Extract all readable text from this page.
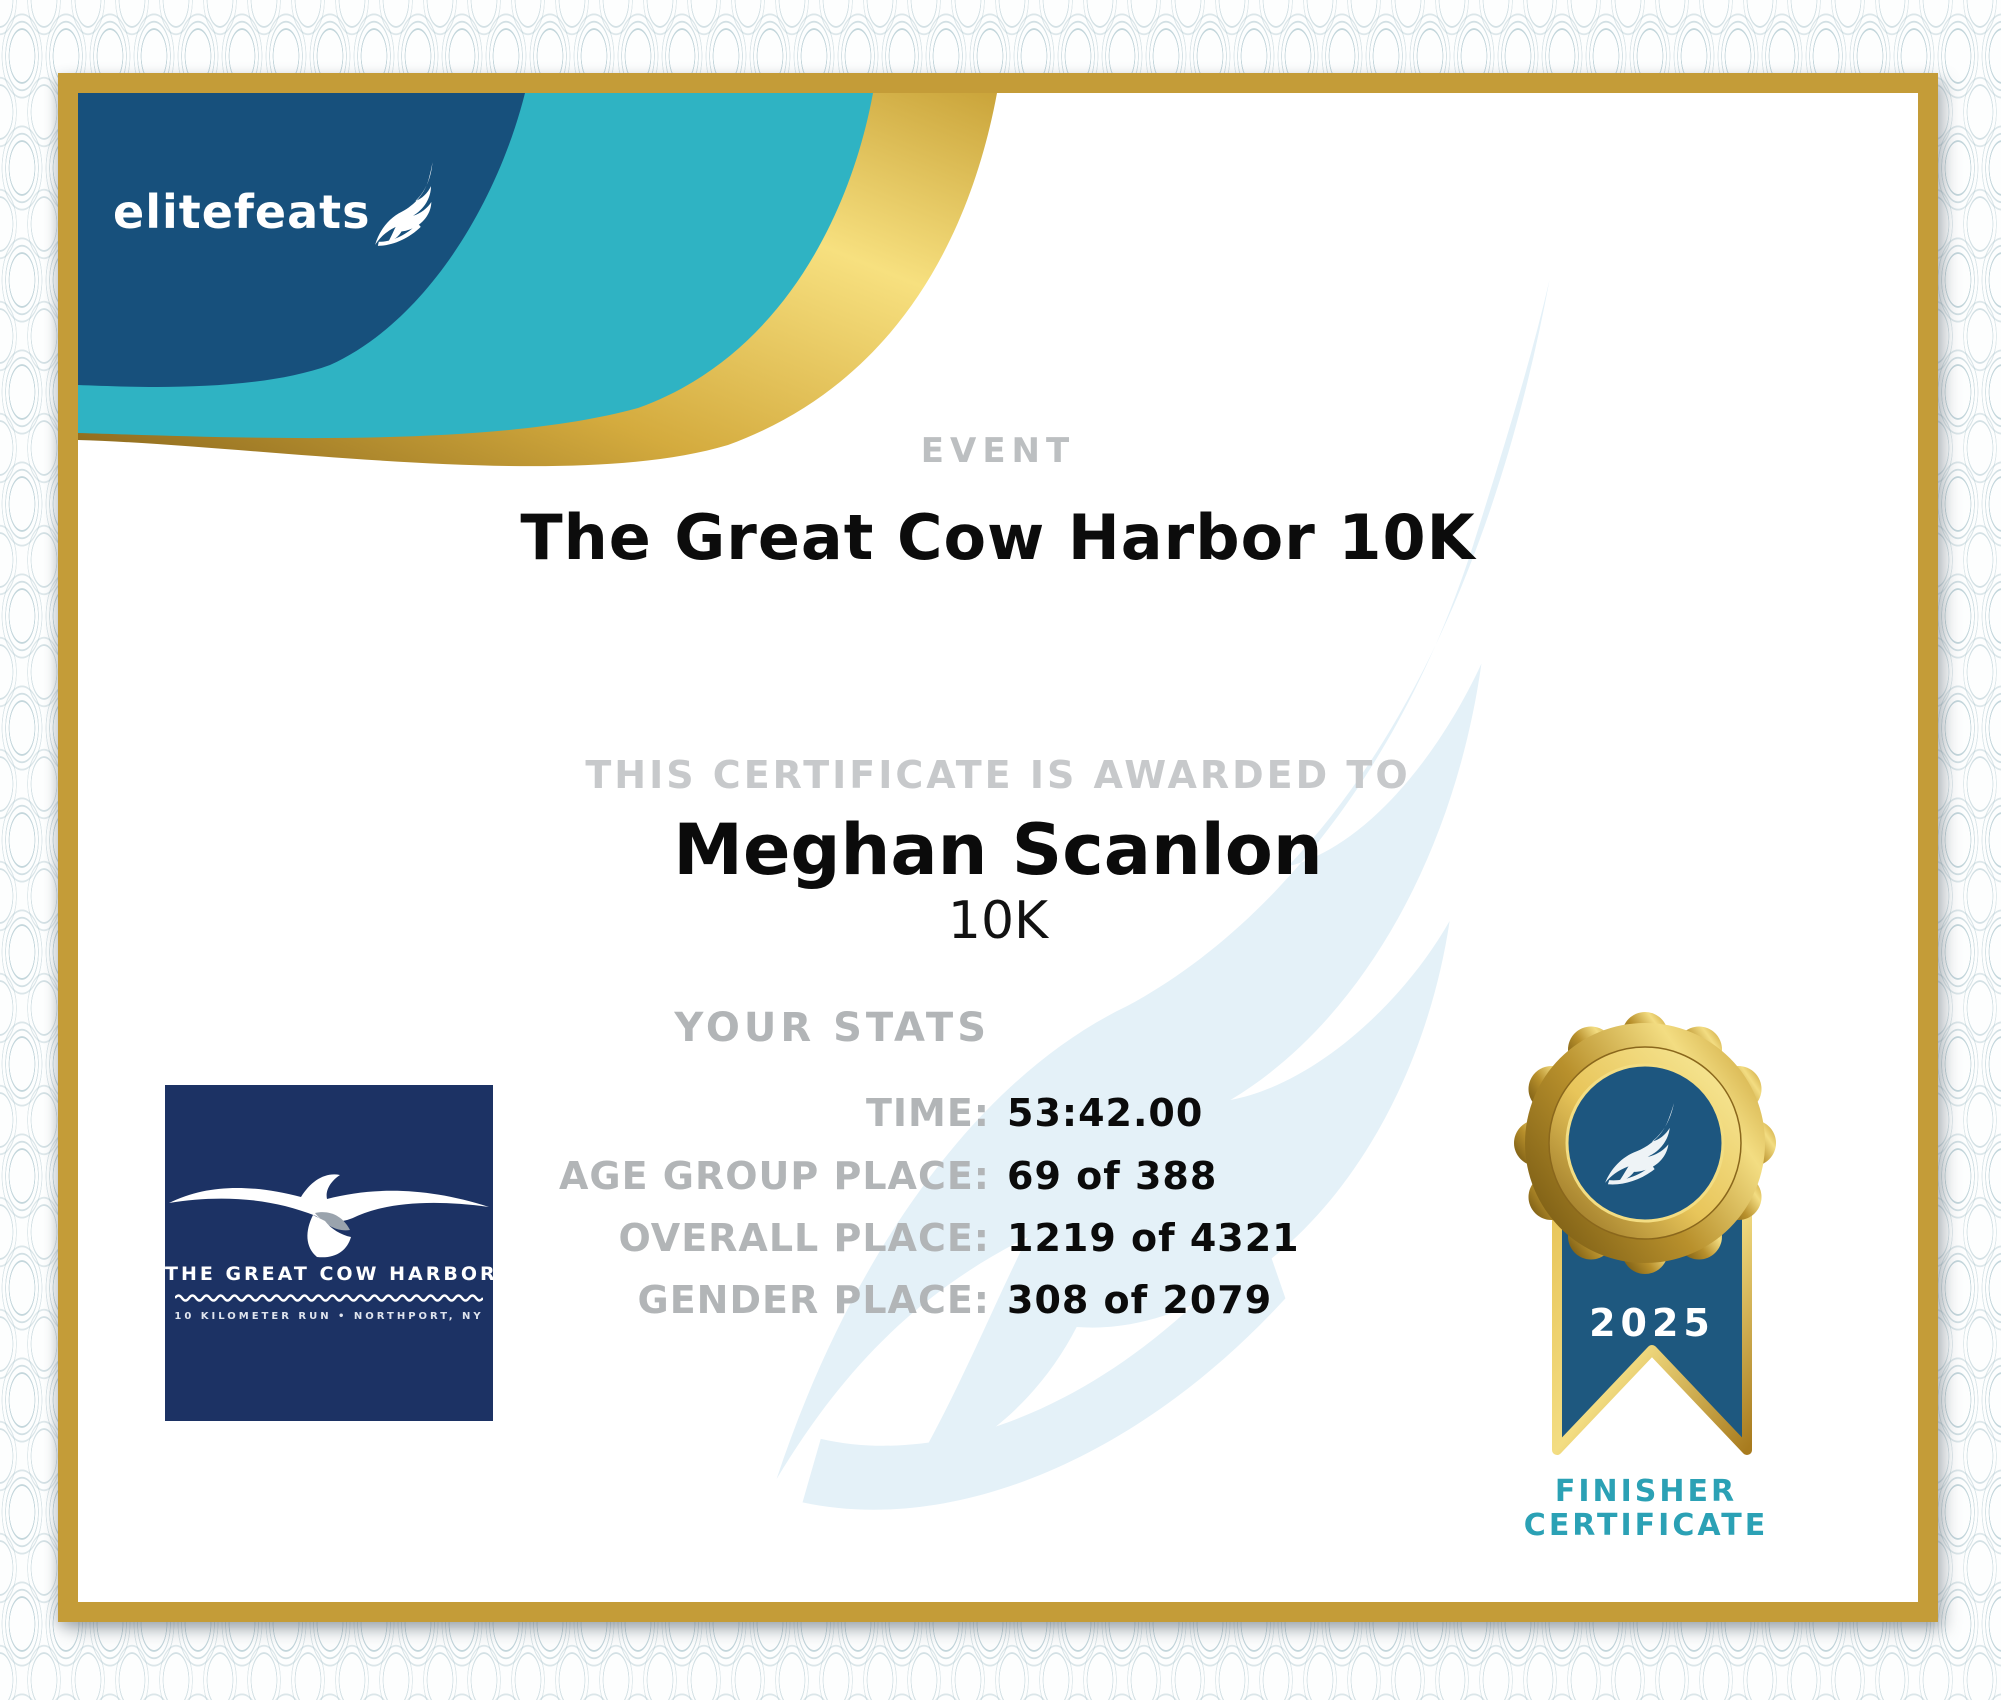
elitefeats
EVENT
The Great Cow Harbor 10K
THIS CERTIFICATE IS AWARDED TO
Meghan Scanlon
10K
YOUR STATS
TIME: 53:42.00
AGE GROUP PLACE: 69 of 388
OVERALL PLACE: 1219 of 4321
GENDER PLACE: 308 of 2079
THE GREAT COW HARBOR
10 KILOMETER RUN • NORTHPORT, NY	2025
FINISHER
CERTIFICATE
